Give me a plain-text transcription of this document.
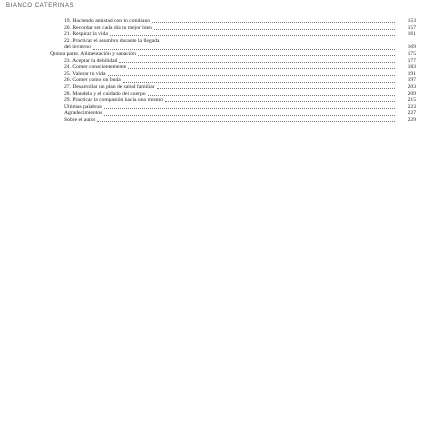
BIANCO CATERINAS
19. Haciendo amistad con lo cotidiano	153
20. Recordar ser cada día tu mejor bien	157
21. Respirar la vida	161
22. Practicar el asombro durante la llegada
del invierno	169
Quinta parte. Alimentación y sanación	175
23. Aceptar la debilidad	177
24. Comer conscientemente	183
25. Valorar tu vida	191
26. Comer como un buda	197
27. Desarrollar un plan de salud familiar	203
28. Mandela y el cuidado del cuerpo	209
29. Practicar la compasión hacia uno mismo	215
Últimas palabras	223
Agradecimientos	227
Sobre el autor	229
